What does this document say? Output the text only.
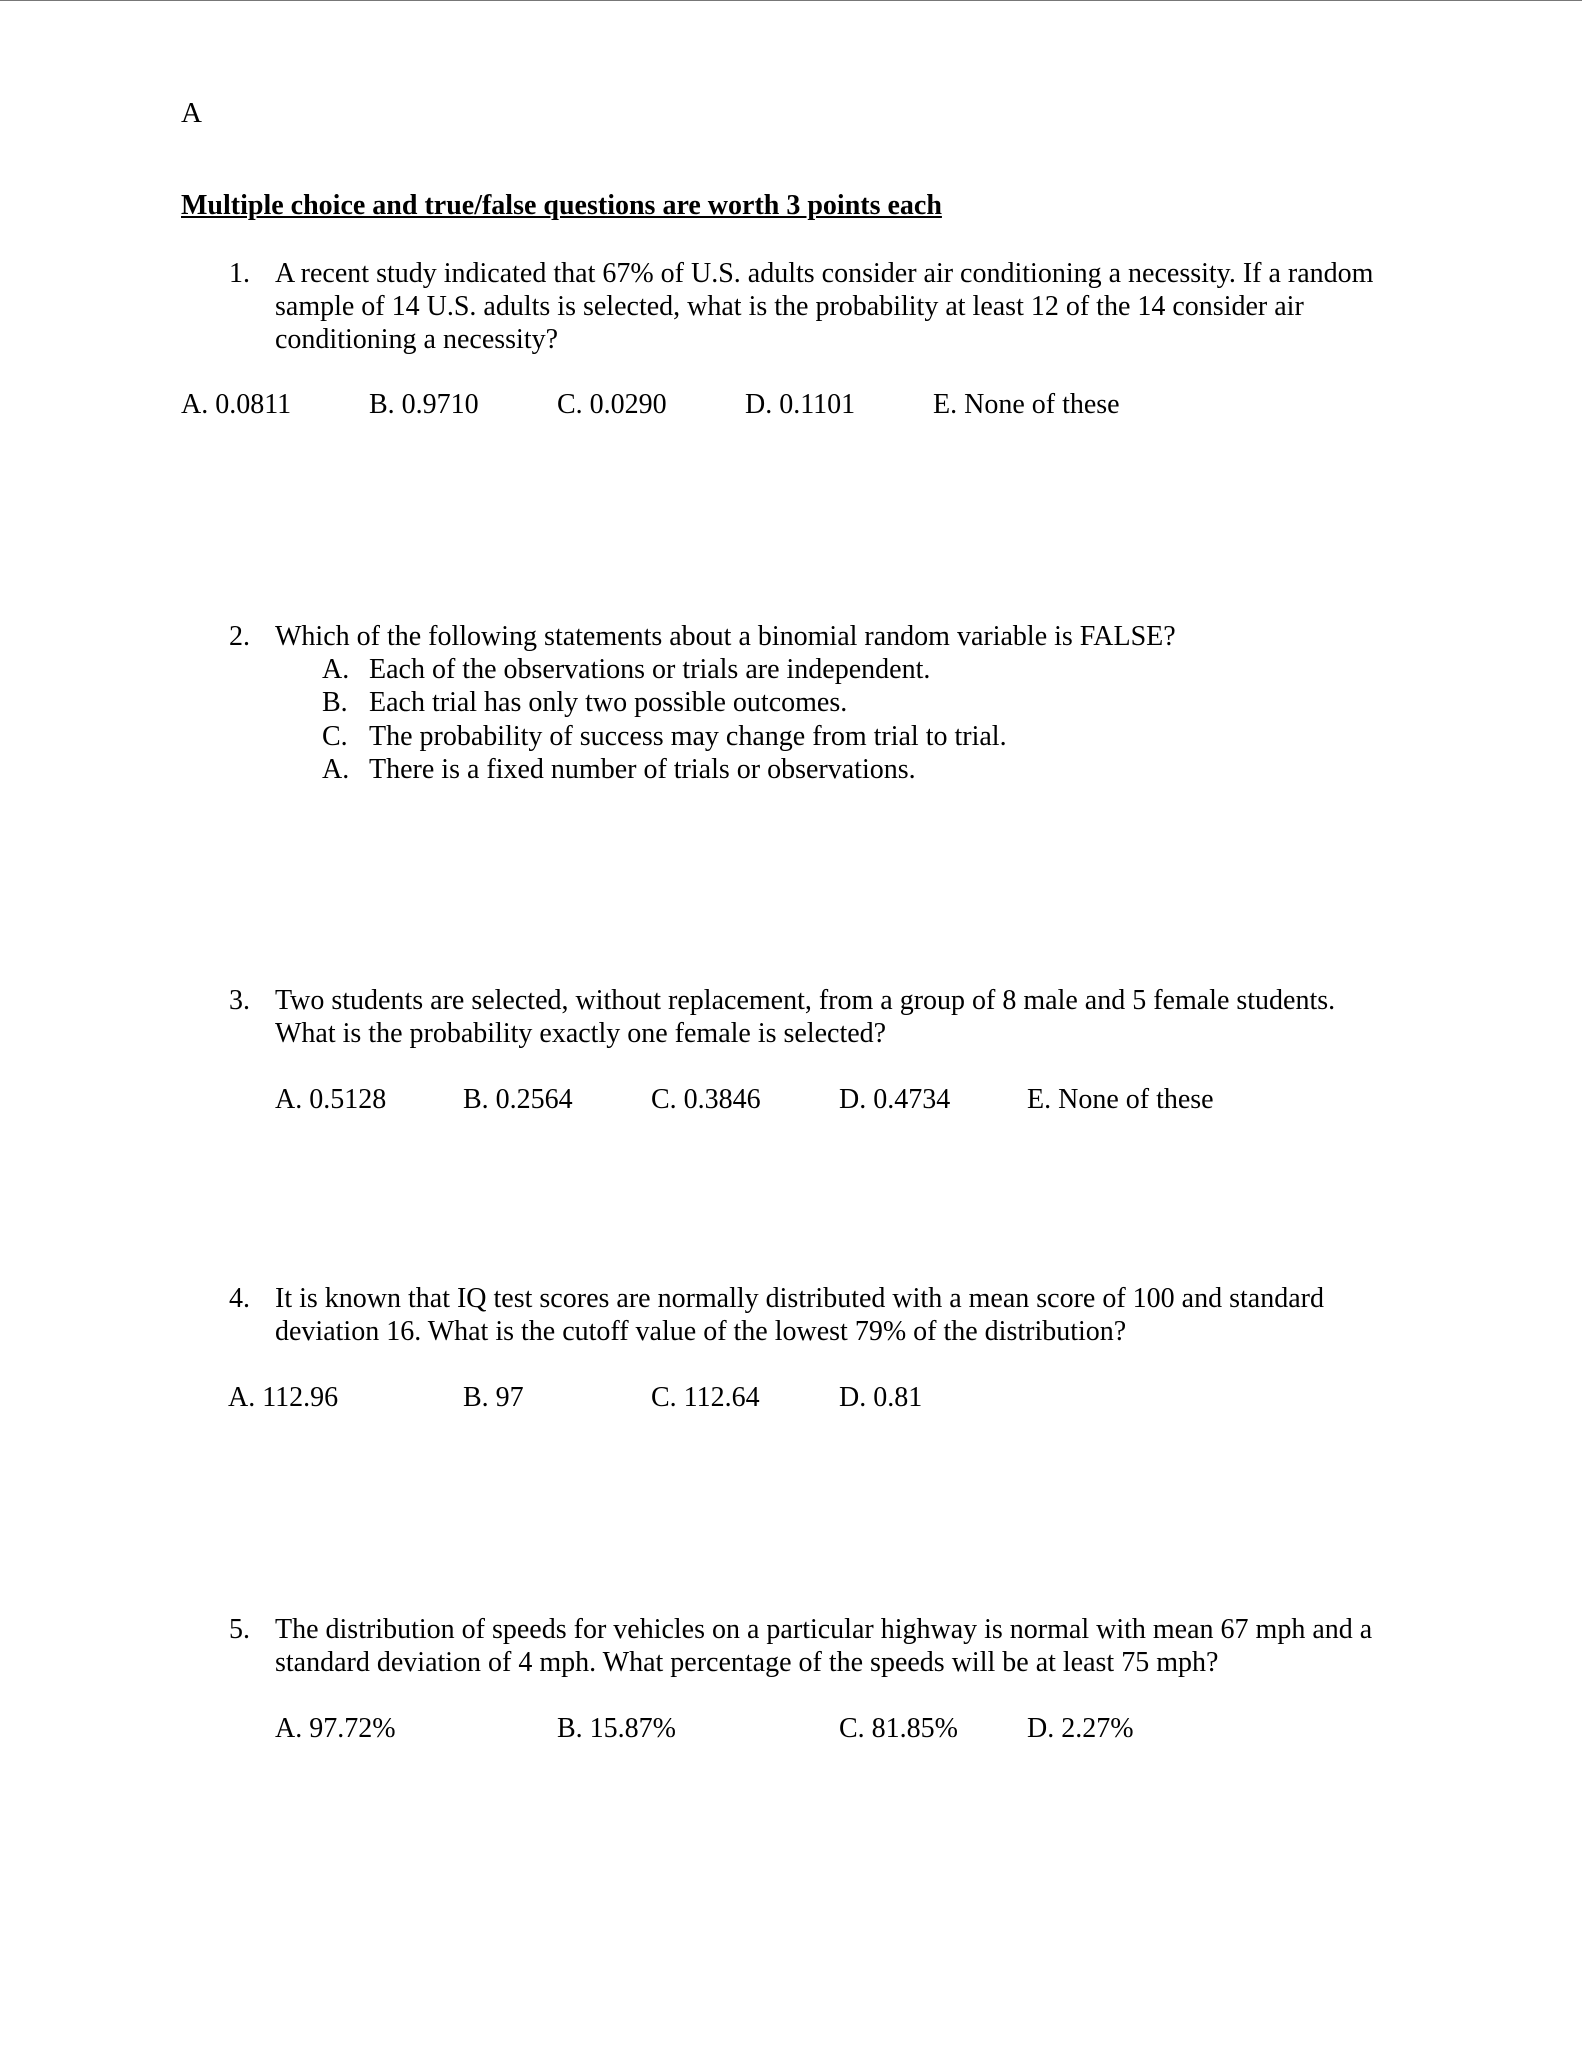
A
Multiple choice and true/false questions are worth 3 points each
1. A recent study indicated that 67% of U.S. adults consider air conditioning a necessity. If a random sample of 14 U.S. adults is selected, what is the probability at least 12 of the 14 consider air conditioning a necessity?
A. 0.0811	B. 0.9710	C. 0.0290	D. 0.1101	E. None of these
2. Which of the following statements about a binomial random variable is FALSE?
A. Each of the observations or trials are independent.
B. Each trial has only two possible outcomes.
C. The probability of success may change from trial to trial.
A. There is a fixed number of trials or observations.
3. Two students are selected, without replacement, from a group of 8 male and 5 female students. What is the probability exactly one female is selected?
A. 0.5128	B. 0.2564	C. 0.3846	D. 0.4734	E. None of these
4. It is known that IQ test scores are normally distributed with a mean score of 100 and standard deviation 16. What is the cutoff value of the lowest 79% of the distribution?
A. 112.96	B. 97	C. 112.64	D. 0.81
5. The distribution of speeds for vehicles on a particular highway is normal with mean 67 mph and a standard deviation of 4 mph. What percentage of the speeds will be at least 75 mph?
A. 97.72%	B. 15.87%	C. 81.85% D. 2.27%
